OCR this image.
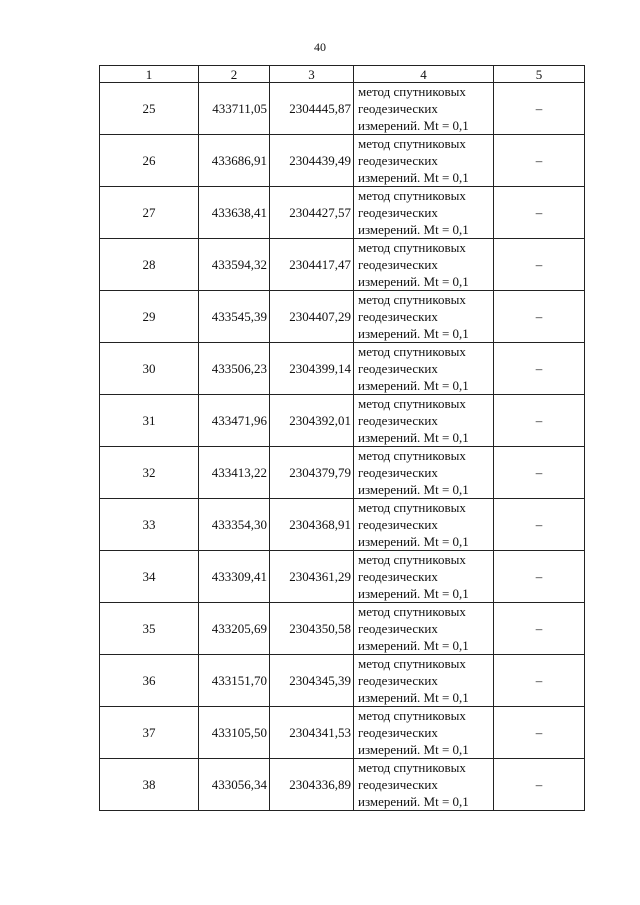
40
1	2	3	4	5
25	433711,05	2304445,87	метод спутниковых
геодезических
измерений. Mt = 0,1	–
26	433686,91	2304439,49	метод спутниковых
геодезических
измерений. Mt = 0,1	–
27	433638,41	2304427,57	метод спутниковых
геодезических
измерений. Mt = 0,1	–
28	433594,32	2304417,47	метод спутниковых
геодезических
измерений. Mt = 0,1	–
29	433545,39	2304407,29	метод спутниковых
геодезических
измерений. Mt = 0,1	–
30	433506,23	2304399,14	метод спутниковых
геодезических
измерений. Mt = 0,1	–
31	433471,96	2304392,01	метод спутниковых
геодезических
измерений. Mt = 0,1	–
32	433413,22	2304379,79	метод спутниковых
геодезических
измерений. Mt = 0,1	–
33	433354,30	2304368,91	метод спутниковых
геодезических
измерений. Mt = 0,1	–
34	433309,41	2304361,29	метод спутниковых
геодезических
измерений. Mt = 0,1	–
35	433205,69	2304350,58	метод спутниковых
геодезических
измерений. Mt = 0,1	–
36	433151,70	2304345,39	метод спутниковых
геодезических
измерений. Mt = 0,1	–
37	433105,50	2304341,53	метод спутниковых
геодезических
измерений. Mt = 0,1	–
38	433056,34	2304336,89	метод спутниковых
геодезических
измерений. Mt = 0,1	–
